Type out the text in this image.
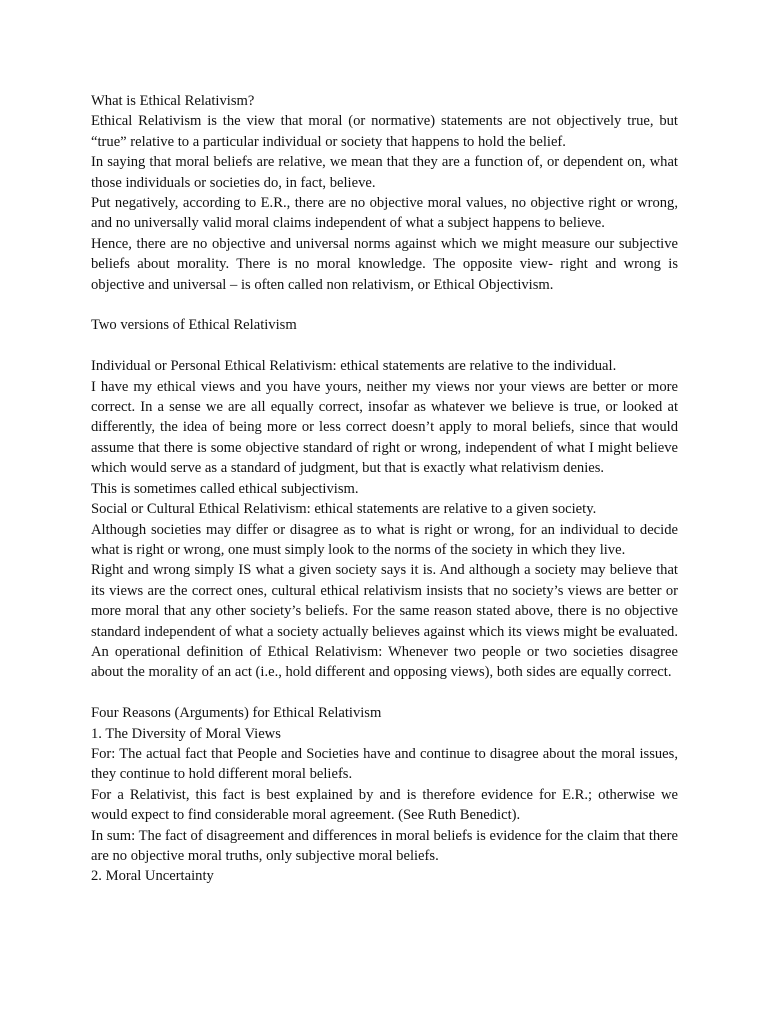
What is Ethical Relativism?

Ethical Relativism is the view that moral (or normative) statements are not objectively true, but “true” relative to a particular individual or society that happens to hold the belief.

In saying that moral beliefs are relative, we mean that they are a function of, or dependent on, what those individuals or societies do, in fact, believe.

Put negatively, according to E.R., there are no objective moral values, no objective right or wrong, and no universally valid moral claims independent of what a subject happens to believe.

Hence, there are no objective and universal norms against which we might measure our subjective beliefs about morality. There is no moral knowledge. The opposite view- right and wrong is objective and universal – is often called non relativism, or Ethical Objectivism.

Two versions of Ethical Relativism

Individual or Personal Ethical Relativism: ethical statements are relative to the individual.

I have my ethical views and you have yours, neither my views nor your views are better or more correct. In a sense we are all equally correct, insofar as whatever we believe is true, or looked at differently, the idea of being more or less correct doesn’t apply to moral beliefs, since that would assume that there is some objective standard of right or wrong, independent of what I might believe which would serve as a standard of judgment, but that is exactly what relativism denies.

This is sometimes called ethical subjectivism.

Social or Cultural Ethical Relativism: ethical statements are relative to a given society.

Although societies may differ or disagree as to what is right or wrong, for an individual to decide what is right or wrong, one must simply look to the norms of the society in which they live.

Right and wrong simply IS what a given society says it is. And although a society may believe that its views are the correct ones, cultural ethical relativism insists that no society’s views are better or more moral that any other society’s beliefs. For the same reason stated above, there is no objective standard independent of what a society actually believes against which its views might be evaluated. An operational definition of Ethical Relativism: Whenever two people or two societies disagree about the morality of an act (i.e., hold different and opposing views), both sides are equally correct.

Four Reasons (Arguments) for Ethical Relativism

1. The Diversity of Moral Views

For: The actual fact that People and Societies have and continue to disagree about the moral issues, they continue to hold different moral beliefs.

For a Relativist, this fact is best explained by and is therefore evidence for E.R.; otherwise we would expect to find considerable moral agreement. (See Ruth Benedict).

In sum: The fact of disagreement and differences in moral beliefs is evidence for the claim that there are no objective moral truths, only subjective moral beliefs.

2. Moral Uncertainty
